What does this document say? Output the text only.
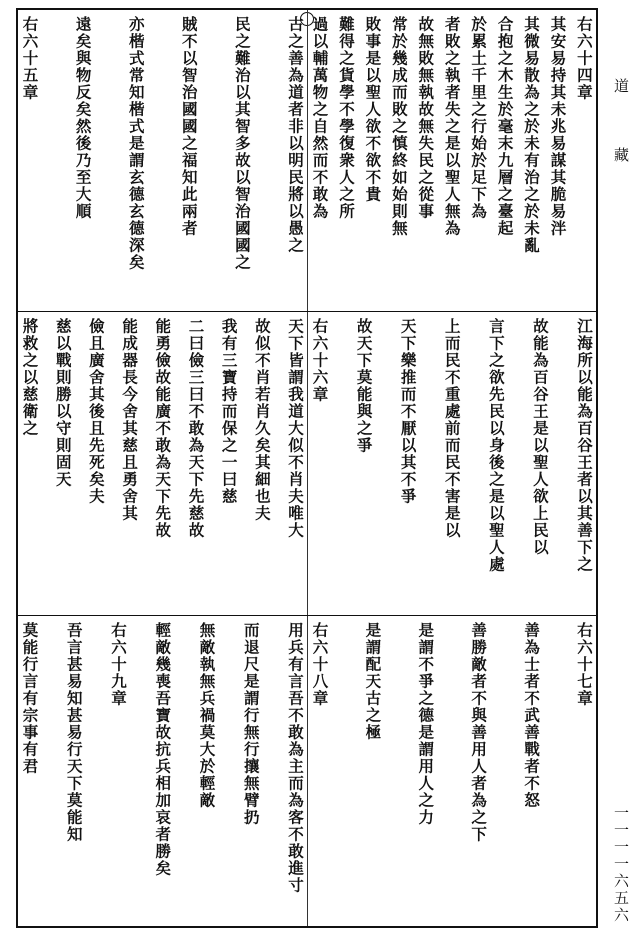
右六十四章
其安易持其未兆易謀其脆易泮
其微易散為之於未有治之於未亂
合抱之木生於毫末九層之臺起
於累土千里之行始於足下為
者敗之執者失之是以聖人無為
故無敗無執故無失民之從事
常於幾成而敗之慎終如始則無
敗事是以聖人欲不欲不貴
難得之貨學不學復衆人之所
過以輔萬物之自然而不敢為
古之善為道者非以明民將以愚之
民之難治以其智多故以智治國國之
賊不以智治國國之福知此兩者
亦楷式常知楷式是謂玄德玄德深矣
遠矣與物反矣然後乃至大順
右六十五章
江海所以能為百谷王者以其善下之
故能為百谷王是以聖人欲上民以
言下之欲先民以身後之是以聖人處
上而民不重處前而民不害是以
天下樂推而不厭以其不爭
故天下莫能與之爭
右六十六章
天下皆謂我道大似不肖夫唯大
故似不肖若肖久矣其細也夫
我有三寶持而保之一曰慈
二曰儉三曰不敢為天下先慈故
能勇儉故能廣不敢為天下先故
能成器長今舍其慈且勇舍其
儉且廣舍其後且先死矣夫
慈以戰則勝以守則固天
將救之以慈衛之
右六十七章
善為士者不武善戰者不怒
善勝敵者不與善用人者為之下
是謂不爭之德是謂用人之力
是謂配天古之極
右六十八章
用兵有言吾不敢為主而為客不敢進寸
而退尺是謂行無行攘無臂扔
無敵執無兵禍莫大於輕敵
輕敵幾喪吾寶故抗兵相加哀者勝矣
右六十九章
吾言甚易知甚易行天下莫能知
莫能行言有宗事有君
道 藏
一一一一六五六
